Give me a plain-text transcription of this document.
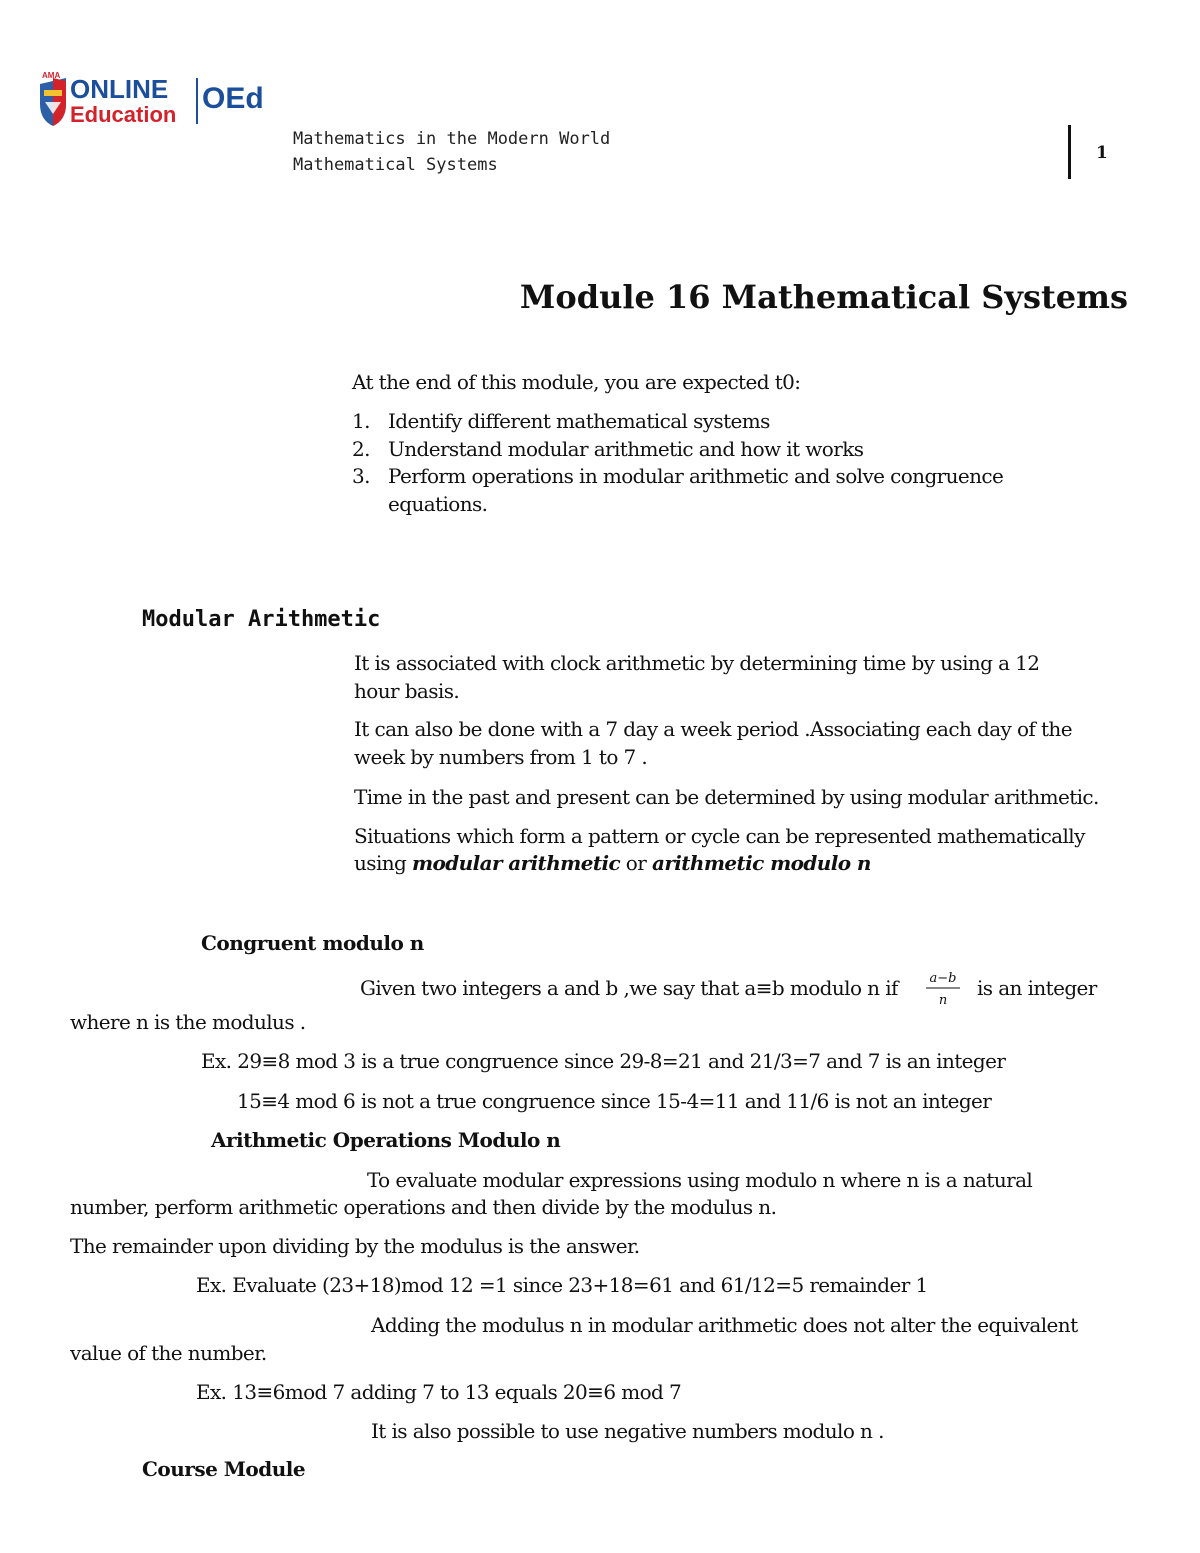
AMA ONLINE
Education OEd
Mathematics in the Modern World
Mathematical Systems
1
Module 16 Mathematical Systems
At the end of this module, you are expected t0:
1. Identify different mathematical systems
2. Understand modular arithmetic and how it works
3. Perform operations in modular arithmetic and solve congruence
equations.
Modular Arithmetic
It is associated with clock arithmetic by determining time by using a 12
hour basis.
It can also be done with a 7 day a week period .Associating each day of the
week by numbers from 1 to 7 .
Time in the past and present can be determined by using modular arithmetic.
Situations which form a pattern or cycle can be represented mathematically
using modular arithmetic or arithmetic modulo n
Congruent modulo n
Given two integers a and b ,we say that a≡b modulo n if a−b
n
is an integer
where n is the modulus .
Ex. 29≡8 mod 3 is a true congruence since 29-8=21 and 21/3=7 and 7 is an integer
15≡4 mod 6 is not a true congruence since 15-4=11 and 11/6 is not an integer
Arithmetic Operations Modulo n
To evaluate modular expressions using modulo n where n is a natural
number, perform arithmetic operations and then divide by the modulus n.
The remainder upon dividing by the modulus is the answer.
Ex. Evaluate (23+18)mod 12 =1 since 23+18=61 and 61/12=5 remainder 1
Adding the modulus n in modular arithmetic does not alter the equivalent
value of the number.
Ex. 13≡6mod 7 adding 7 to 13 equals 20≡6 mod 7
It is also possible to use negative numbers modulo n .
Course Module
